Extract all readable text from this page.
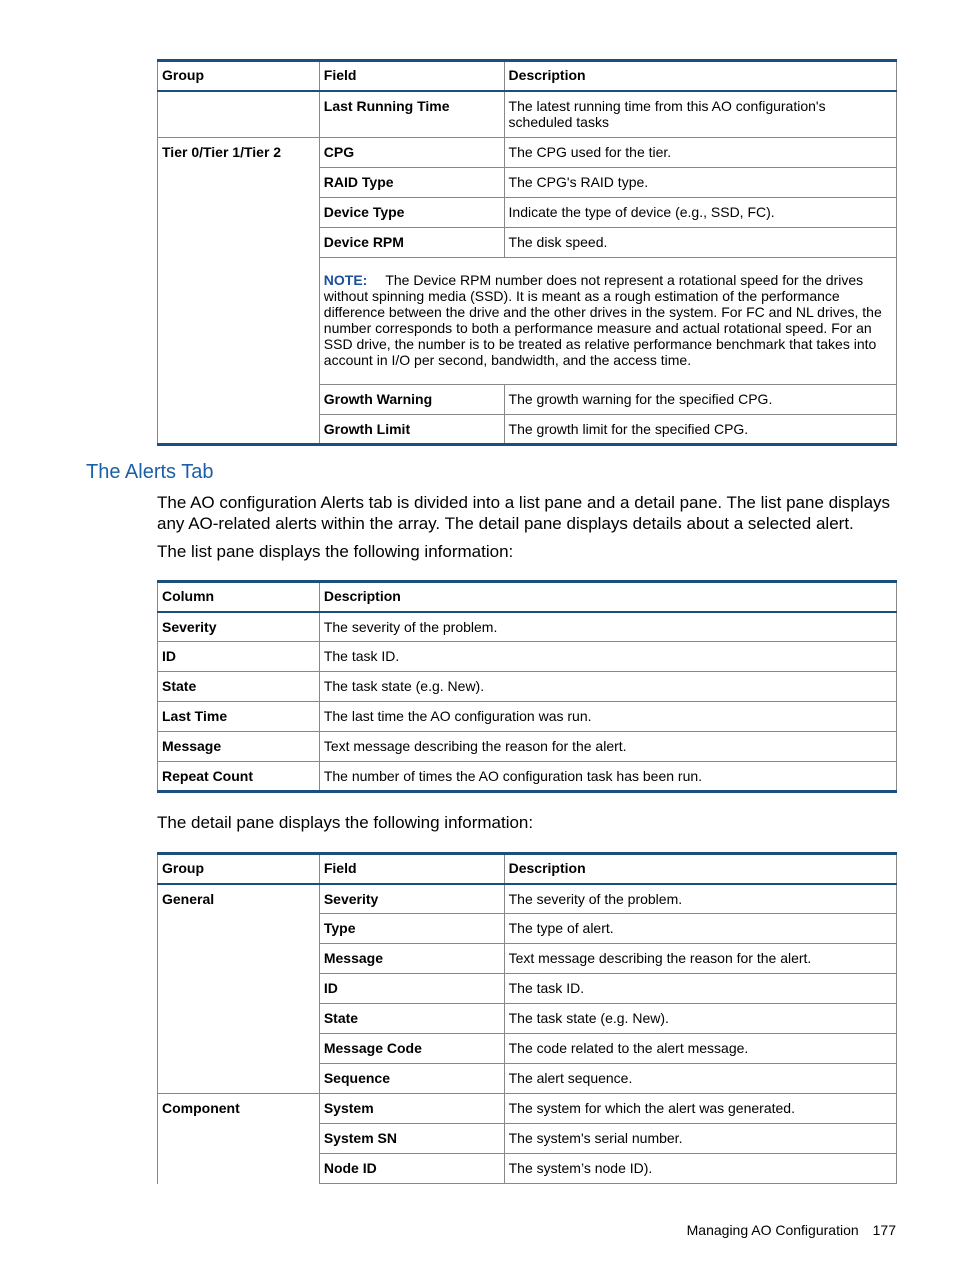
Group	Field	Description
	Last Running Time	The latest running time from this AO configuration's scheduled tasks
Tier 0/Tier 1/Tier 2	CPG	The CPG used for the tier.
	RAID Type	The CPG's RAID type.
	Device Type	Indicate the type of device (e.g., SSD, FC).
	Device RPM	The disk speed.
	NOTE: The Device RPM number does not represent a rotational speed for the drives without spinning media (SSD). It is meant as a rough estimation of the performance difference between the drive and the other drives in the system. For FC and NL drives, the number corresponds to both a performance measure and actual rotational speed. For an SSD drive, the number is to be treated as relative performance benchmark that takes into account in I/O per second, bandwidth, and the access time.	
	Growth Warning	The growth warning for the specified CPG.
	Growth Limit	The growth limit for the specified CPG.
The Alerts Tab
The AO configuration Alerts tab is divided into a list pane and a detail pane. The list pane displays any AO-related alerts within the array. The detail pane displays details about a selected alert.
The list pane displays the following information:
Column	Description
Severity	The severity of the problem.
ID	The task ID.
State	The task state (e.g. New).
Last Time	The last time the AO configuration was run.
Message	Text message describing the reason for the alert.
Repeat Count	The number of times the AO configuration task has been run.
The detail pane displays the following information:
Group	Field	Description
General	Severity	The severity of the problem.
	Type	The type of alert.
	Message	Text message describing the reason for the alert.
	ID	The task ID.
	State	The task state (e.g. New).
	Message Code	The code related to the alert message.
	Sequence	The alert sequence.
Component	System	The system for which the alert was generated.
	System SN	The system's serial number.
	Node ID	The system’s node ID).
Managing AO Configuration 177
